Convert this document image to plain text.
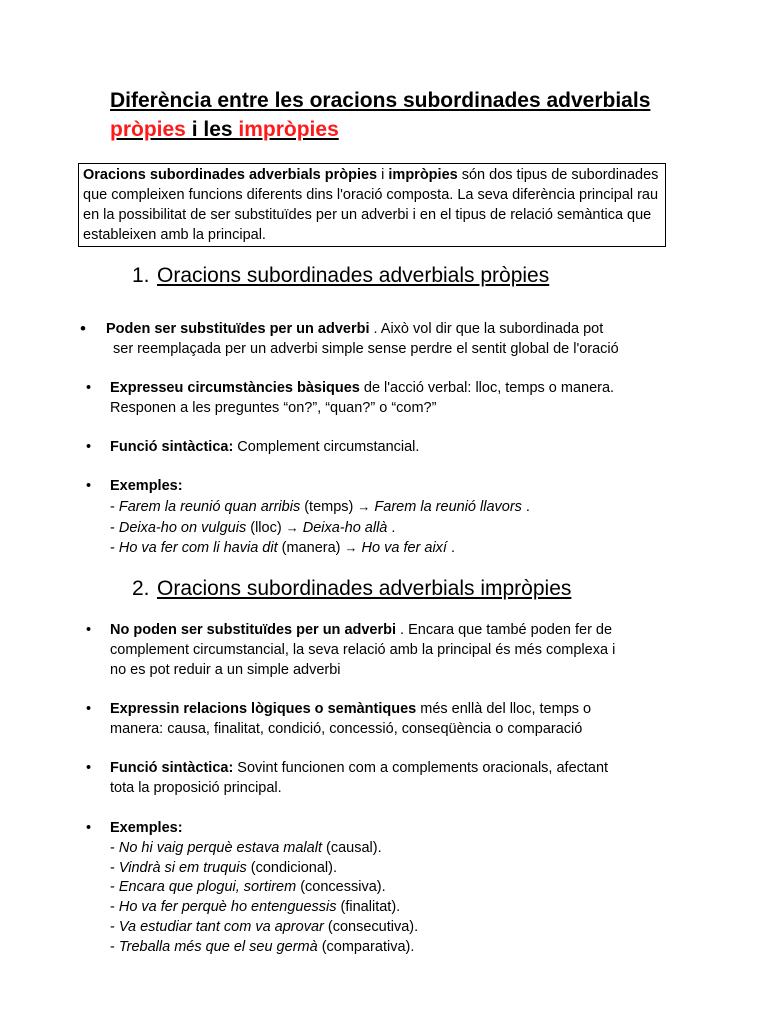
Diferència entre les oracions subordinades adverbials pròpies i les impròpies
Oracions subordinades adverbials pròpies i impròpies són dos tipus de subordinades que compleixen funcions diferents dins l'oració composta. La seva diferència principal rau en la possibilitat de ser substituïdes per un adverbi i en el tipus de relació semàntica que estableixen amb la principal.
1. Oracions subordinades adverbials pròpies
•	Poden ser substituïdes per un adverbi . Això vol dir que la subordinada pot
ser reemplaçada per un adverbi simple sense perdre el sentit global de l'oració
•	Expresseu circumstàncies bàsiques de l'acció verbal: lloc, temps o manera.
Responen a les preguntes “on?”, “quan?” o “com?”
•	Funció sintàctica: Complement circumstancial.
•	Exemples:
- Farem la reunió quan arribis (temps) → Farem la reunió llavors .
- Deixa-ho on vulguis (lloc) → Deixa-ho allà .
- Ho va fer com li havia dit (manera) → Ho va fer així .
2. Oracions subordinades adverbials impròpies
•	No poden ser substituïdes per un adverbi . Encara que també poden fer de
complement circumstancial, la seva relació amb la principal és més complexa i
no es pot reduir a un simple adverbi
•	Expressin relacions lògiques o semàntiques més enllà del lloc, temps o
manera: causa, finalitat, condició, concessió, conseqüència o comparació
•	Funció sintàctica: Sovint funcionen com a complements oracionals, afectant
tota la proposició principal.
•	Exemples:
- No hi vaig perquè estava malalt (causal).
- Vindrà si em truquis (condicional).
- Encara que plogui, sortirem (concessiva).
- Ho va fer perquè ho entenguessis (finalitat).
- Va estudiar tant com va aprovar (consecutiva).
- Treballa més que el seu germà (comparativa).
